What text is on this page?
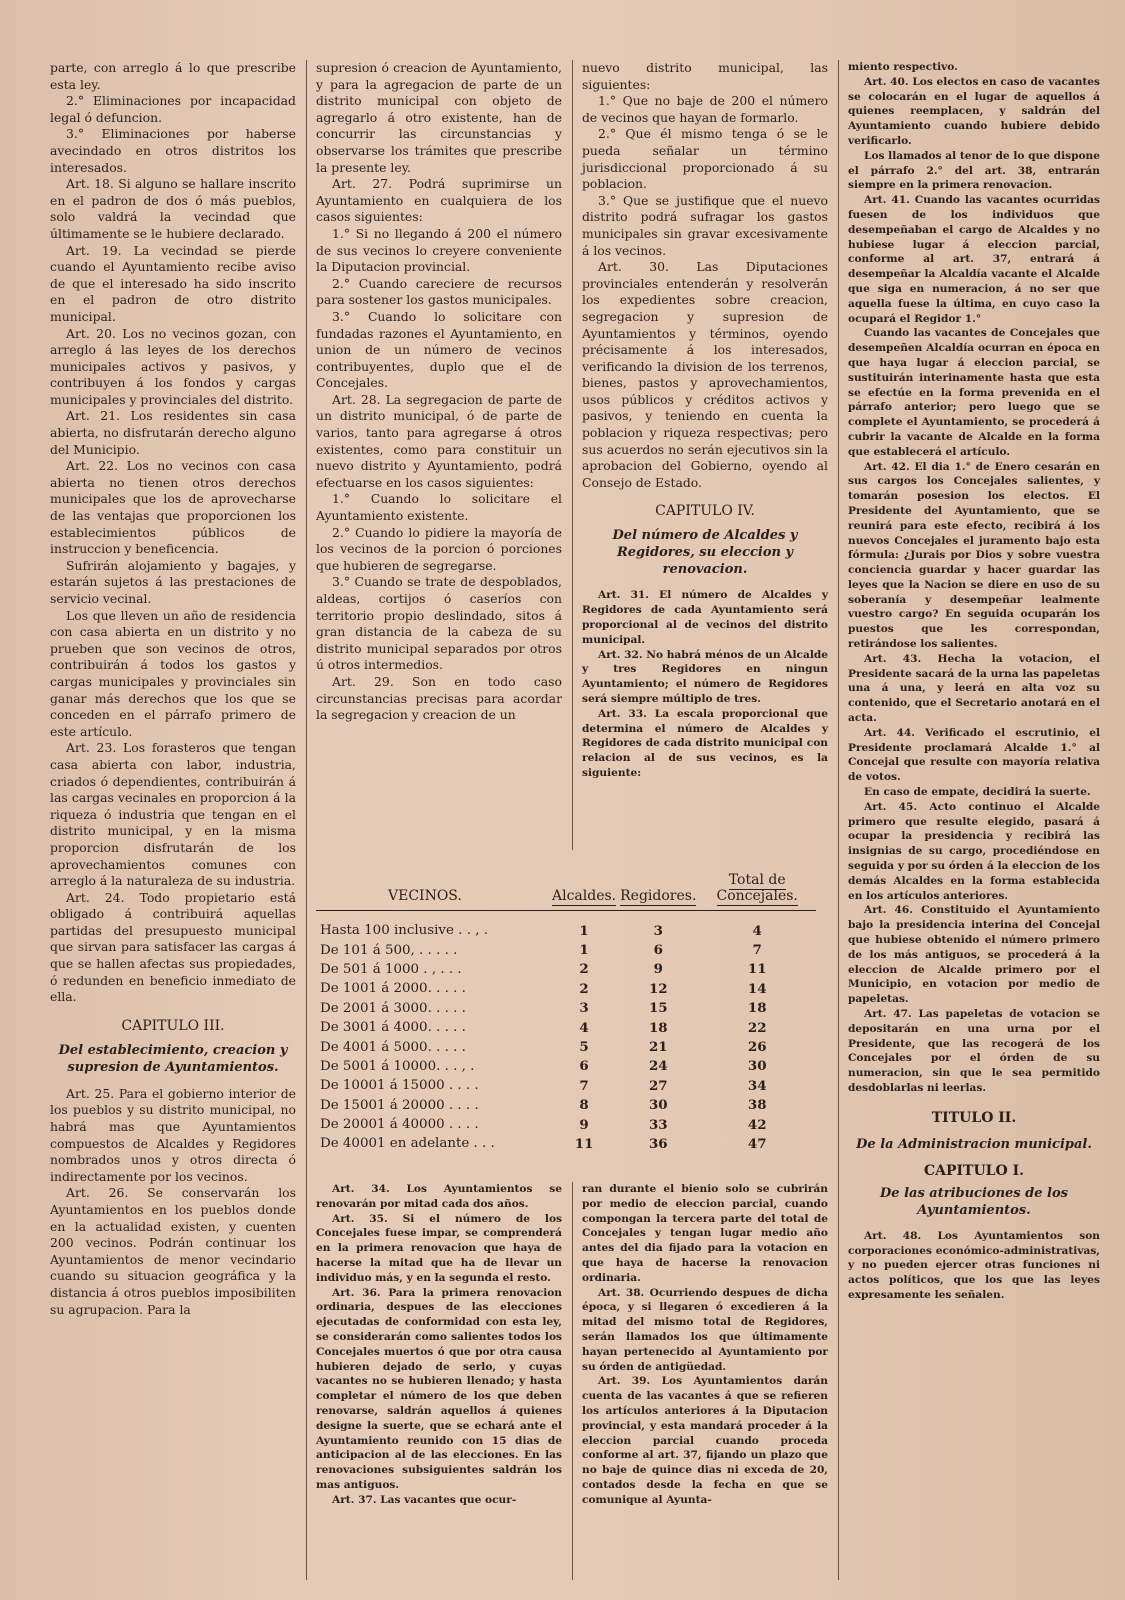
parte, con arreglo á lo que prescribe esta ley.

2.° Eliminaciones por incapacidad legal ó defuncion.

3.° Eliminaciones por haberse avecindado en otros distritos los interesados.

Art. 18. Si alguno se hallare inscrito en el padron de dos ó más pueblos, solo valdrá la vecindad que últimamente se le hubiere declarado.

Art. 19. La vecindad se pierde cuando el Ayuntamiento recibe aviso de que el interesado ha sido inscrito en el padron de otro distrito municipal.

Art. 20. Los no vecinos gozan, con arreglo á las leyes de los derechos municipales activos y pasivos, y contribuyen á los fondos y cargas municipales y provinciales del distrito.

Art. 21. Los residentes sin casa abierta, no disfrutarán derecho alguno del Municipio.

Art. 22. Los no vecinos con casa abierta no tienen otros derechos municipales que los de aprovecharse de las ventajas que proporcionen los establecimientos públicos de instruccion y beneficencia.

Sufrirán alojamiento y bagajes, y estarán sujetos á las prestaciones de servicio vecinal.

Los que lleven un año de residencia con casa abierta en un distrito y no prueben que son vecinos de otros, contribuirán á todos los gastos y cargas municipales y provinciales sin ganar más derechos que los que se conceden en el párrafo primero de este artículo.

Art. 23. Los forasteros que tengan casa abierta con labor, industria, criados ó dependientes, contribuirán á las cargas vecinales en proporcion á la riqueza ó industria que tengan en el distrito municipal, y en la misma proporcion disfrutarán de los aprovechamientos comunes con arreglo á la naturaleza de su industria.

Art. 24. Todo propietario está obligado á contribuirá aquellas partidas del presupuesto municipal que sirvan para satisfacer las cargas á que se hallen afectas sus propiedades, ó redunden en beneficio inmediato de ella.

CAPITULO III.
Del establecimiento, creacion y supresion de Ayuntamientos.

Art. 25. Para el gobierno interior de los pueblos y su distrito municipal, no habrá mas que Ayuntamientos compuestos de Alcaldes y Regidores nombrados unos y otros directa ó indirectamente por los vecinos.

Art. 26. Se conservarán los Ayuntamientos en los pueblos donde en la actualidad existen, y cuenten 200 vecinos. Podrán continuar los Ayuntamientos de menor vecindario cuando su situacion geográfica y la distancia á otros pueblos imposibiliten su agrupacion. Para la

supresion ó creacion de Ayuntamiento, y para la agregacion de parte de un distrito municipal con objeto de agregarlo á otro existente, han de concurrir las circunstancias y observarse los trámites que prescribe la presente ley.

Art. 27. Podrá suprimirse un Ayuntamiento en cualquiera de los casos siguientes:

1.° Si no llegando á 200 el número de sus vecinos lo creyere conveniente la Diputacion provincial.

2.° Cuando careciere de recursos para sostener los gastos municipales.

3.° Cuando lo solicitare con fundadas razones el Ayuntamiento, en union de un número de vecinos contribuyentes, duplo que el de Concejales.

Art. 28. La segregacion de parte de un distrito municipal, ó de parte de varios, tanto para agregarse á otros existentes, como para constituir un nuevo distrito y Ayuntamiento, podrá efectuarse en los casos siguientes:

1.° Cuando lo solicitare el Ayuntamiento existente.

2.° Cuando lo pidiere la mayoría de los vecinos de la porcion ó porciones que hubieren de segregarse.

3.° Cuando se trate de despoblados, aldeas, cortijos ó caseríos con territorio propio deslindado, sitos á gran distancia de la cabeza de su distrito municipal separados por otros ú otros intermedios.

Art. 29. Son en todo caso circunstancias precisas para acordar la segregacion y creacion de un

nuevo distrito municipal, las siguientes:

1.° Que no baje de 200 el número de vecinos que hayan de formarlo.

2.° Que él mismo tenga ó se le pueda señalar un término jurisdiccional proporcionado á su poblacion.

3.° Que se justifique que el nuevo distrito podrá sufragar los gastos municipales sin gravar excesivamente á los vecinos.

Art. 30. Las Diputaciones provinciales entenderán y resolverán los expedientes sobre creacion, segregacion y supresion de Ayuntamientos y términos, oyendo précisamente á los interesados, verificando la division de los terrenos, bienes, pastos y aprovechamientos, usos públicos y créditos activos y pasivos, y teniendo en cuenta la poblacion y riqueza respectivas; pero sus acuerdos no serán ejecutivos sin la aprobacion del Gobierno, oyendo al Consejo de Estado.

CAPITULO IV.
Del número de Alcaldes y Regidores, su eleccion y renovacion.

Art. 31. El número de Alcaldes y Regidores de cada Ayuntamiento será proporcional al de vecinos del distrito municipal.

Art. 32. No habrá ménos de un Alcalde y tres Regidores en ningun Ayuntamiento; el número de Regidores será siempre múltiplo de tres.

Art. 33. La escala proporcional que determina el número de Alcaldes y Regidores de cada distrito municipal con relacion al de sus vecinos, es la siguiente:

VECINOS.	Alcaldes.	Regidores.	Total de Concejales.

Hasta 100 inclusive . . , .	1	3	4
De 101 á 500, . . . . .	1	6	7
De 501 á 1000 . , . . .	2	9	11
De 1001 á 2000. . . . .	2	12	14
De 2001 á 3000. . . . .	3	15	18
De 3001 á 4000. . . . .	4	18	22
De 4001 á 5000. . . . .	5	21	26
De 5001 á 10000. . . , .	6	24	30
De 10001 á 15000 . . . .	7	27	34
De 15001 á 20000 . . . .	8	30	38
De 20001 á 40000 . . . .	9	33	42
De 40001 en adelante . . .	11	36	47

Art. 34. Los Ayuntamientos se renovarán por mitad cada dos años.

Art. 35. Si el número de los Concejales fuese impar, se comprenderá en la primera renovacion que haya de hacerse la mitad que ha de llevar un individuo más, y en la segunda el resto.

Art. 36. Para la primera renovacion ordinaria, despues de las elecciones ejecutadas de conformidad con esta ley, se considerarán como salientes todos los Concejales muertos ó que por otra causa hubieren dejado de serlo, y cuyas vacantes no se hubieren llenado; y hasta completar el número de los que deben renovarse, saldrán aquellos á quienes designe la suerte, que se echará ante el Ayuntamiento reunido con 15 dias de anticipacion al de las elecciones. En las renovaciones subsiguientes saldrán los mas antiguos.

Art. 37. Las vacantes que ocur-

ran durante el bienio solo se cubrirán por medio de eleccion parcial, cuando compongan la tercera parte del total de Concejales y tengan lugar medio año antes del dia fijado para la votacion en que haya de hacerse la renovacion ordinaria.

Art. 38. Ocurriendo despues de dicha época, y si llegaren ó excedieren á la mitad del mismo total de Regidores, serán llamados los que últimamente hayan pertenecido al Ayuntamiento por su órden de antigüedad.

Art. 39. Los Ayuntamientos darán cuenta de las vacantes á que se refieren los artículos anteriores á la Diputacion provincial, y esta mandará proceder á la eleccion parcial cuando proceda conforme al art. 37, fijando un plazo que no baje de quince dias ni exceda de 20, contados desde la fecha en que se comunique al Ayunta-

miento respectivo.

Art. 40. Los electos en caso de vacantes se colocarán en el lugar de aquellos á quienes reemplacen, y saldrán del Ayuntamiento cuando hubiere debido verificarlo.

Los llamados al tenor de lo que dispone el párrafo 2.° del art. 38, entrarán siempre en la primera renovacion.

Art. 41. Cuando las vacantes ocurridas fuesen de los individuos que desempeñaban el cargo de Alcaldes y no hubiese lugar á eleccion parcial, conforme al art. 37, entrará á desempeñar la Alcaldía vacante el Alcalde que siga en numeracion, á no ser que aquella fuese la última, en cuyo caso la ocupará el Regidor 1.°

Cuando las vacantes de Concejales que desempeñen Alcaldía ocurran en época en que haya lugar á eleccion parcial, se sustituirán interinamente hasta que esta se efectúe en la forma prevenida en el párrafo anterior; pero luego que se complete el Ayuntamiento, se procederá á cubrir la vacante de Alcalde en la forma que establecerá el artículo.

Art. 42. El dia 1.° de Enero cesarán en sus cargos los Concejales salientes, y tomarán posesion los electos. El Presidente del Ayuntamiento, que se reunirá para este efecto, recibirá á los nuevos Concejales el juramento bajo esta fórmula: ¿Jurais por Dios y sobre vuestra conciencia guardar y hacer guardar las leyes que la Nacion se diere en uso de su soberanía y desempeñar lealmente vuestro cargo? En seguida ocuparán los puestos que les correspondan, retirándose los salientes.

Art. 43. Hecha la votacion, el Presidente sacará de la urna las papeletas una á una, y leerá en alta voz su contenido, que el Secretario anotará en el acta.

Art. 44. Verificado el escrutinio, el Presidente proclamará Alcalde 1.° al Concejal que resulte con mayoría relativa de votos.

En caso de empate, decidirá la suerte.

Art. 45. Acto continuo el Alcalde primero que resulte elegido, pasará á ocupar la presidencia y recibirá las insignias de su cargo, procediéndose en seguida y por su órden á la eleccion de los demás Alcaldes en la forma establecida en los artículos anteriores.

Art. 46. Constituido el Ayuntamiento bajo la presidencia interina del Concejal que hubiese obtenido el número primero de los más antiguos, se procederá á la eleccion de Alcalde primero por el Municipio, en votacion por medio de papeletas.

Art. 47. Las papeletas de votacion se depositarán en una urna por el Presidente, que las recogerá de los Concejales por el órden de su numeracion, sin que le sea permitido desdoblarlas ni leerlas.

TITULO II.
De la Administracion municipal.
CAPITULO I.
De las atribuciones de los Ayuntamientos.

Art. 48. Los Ayuntamientos son corporaciones económico-administrativas, y no pueden ejercer otras funciones ni actos políticos, que los que las leyes expresamente les señalen.
